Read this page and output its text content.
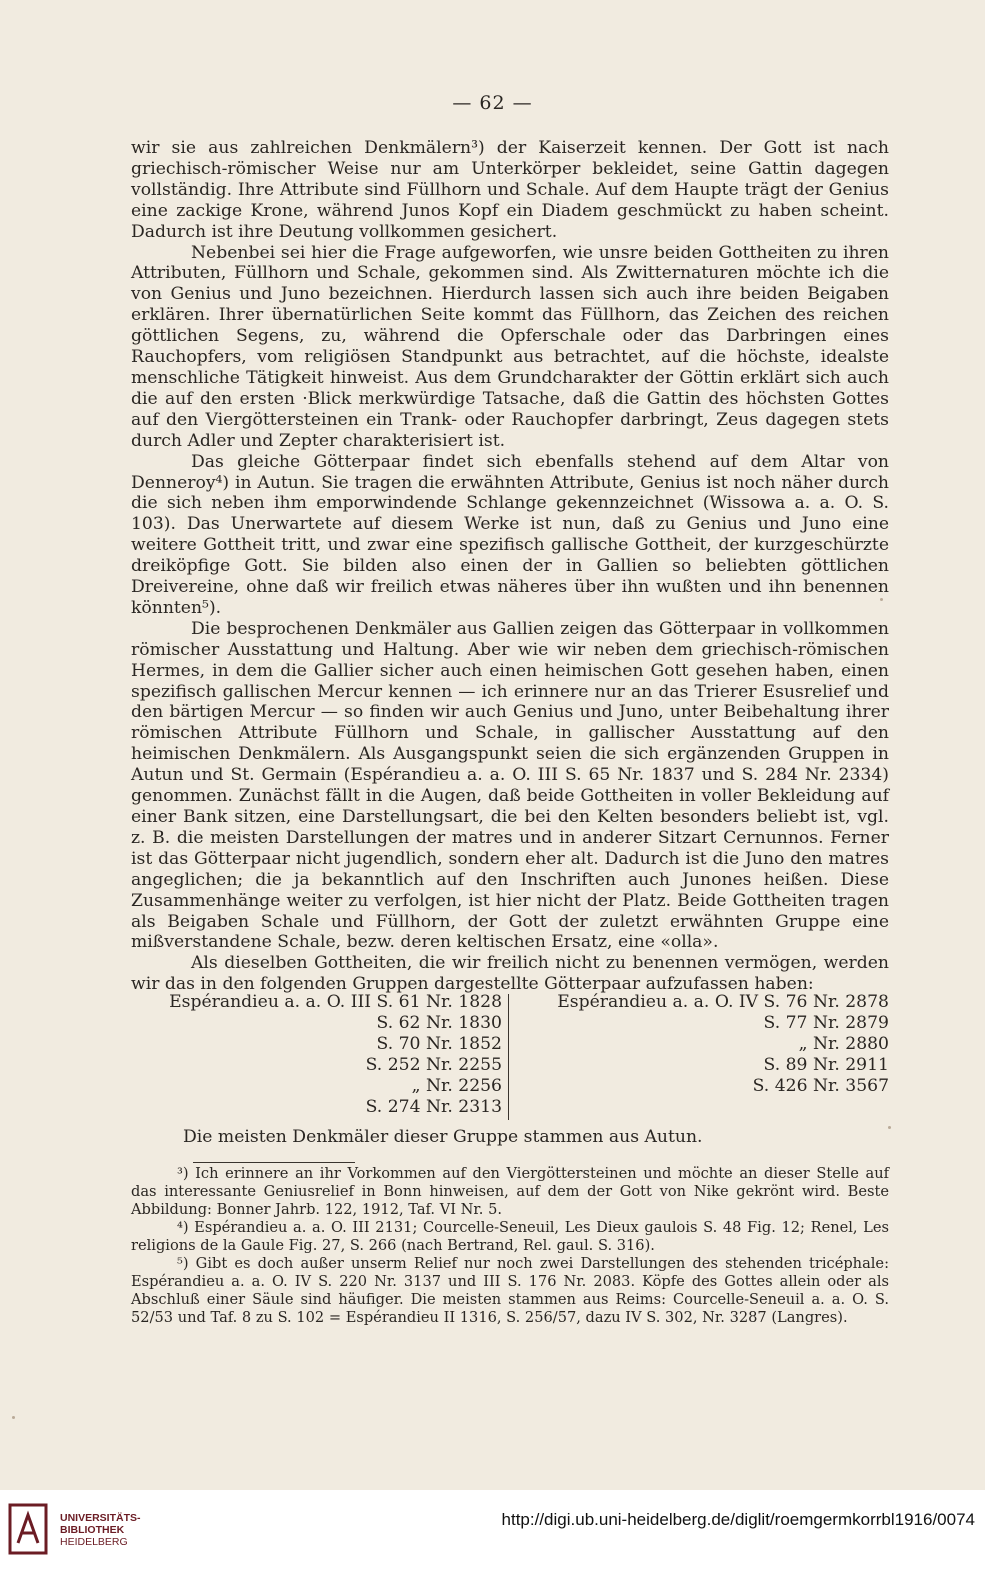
— 62 —

wir sie aus zahlreichen Denkmälern³) der Kaiserzeit kennen. Der Gott ist nach griechisch-römischer Weise nur am Unterkörper bekleidet, seine Gattin dagegen vollständig. Ihre Attribute sind Füllhorn und Schale. Auf dem Haupte trägt der Genius eine zackige Krone, während Junos Kopf ein Diadem geschmückt zu haben scheint. Dadurch ist ihre Deutung vollkommen gesichert.

Nebenbei sei hier die Frage aufgeworfen, wie unsre beiden Gottheiten zu ihren Attributen, Füllhorn und Schale, gekommen sind. Als Zwitternaturen möchte ich die von Genius und Juno bezeichnen. Hierdurch lassen sich auch ihre beiden Beigaben erklären. Ihrer übernatürlichen Seite kommt das Füllhorn, das Zeichen des reichen göttlichen Segens, zu, während die Opferschale oder das Darbringen eines Rauchopfers, vom religiösen Standpunkt aus betrachtet, auf die höchste, idealste menschliche Tätigkeit hinweist. Aus dem Grundcharakter der Göttin erklärt sich auch die auf den ersten ·Blick merkwürdige Tatsache, daß die Gattin des höchsten Gottes auf den Viergöttersteinen ein Trank- oder Rauchopfer darbringt, Zeus dagegen stets durch Adler und Zepter charakterisiert ist.

Das gleiche Götterpaar findet sich ebenfalls stehend auf dem Altar von Denneroy⁴) in Autun. Sie tragen die erwähnten Attribute, Genius ist noch näher durch die sich neben ihm emporwindende Schlange gekennzeichnet (Wissowa a. a. O. S. 103). Das Unerwartete auf diesem Werke ist nun, daß zu Genius und Juno eine weitere Gottheit tritt, und zwar eine spezifisch gallische Gottheit, der kurzgeschürzte dreiköpfige Gott. Sie bilden also einen der in Gallien so beliebten göttlichen Dreivereine, ohne daß wir freilich etwas näheres über ihn wußten und ihn benennen könnten⁵).

Die besprochenen Denkmäler aus Gallien zeigen das Götterpaar in vollkommen römischer Ausstattung und Haltung. Aber wie wir neben dem griechisch-römischen Hermes, in dem die Gallier sicher auch einen heimischen Gott gesehen haben, einen spezifisch gallischen Mercur kennen — ich erinnere nur an das Trierer Esusrelief und den bärtigen Mercur — so finden wir auch Genius und Juno, unter Beibehaltung ihrer römischen Attribute Füllhorn und Schale, in gallischer Ausstattung auf den heimischen Denkmälern. Als Ausgangspunkt seien die sich ergänzenden Gruppen in Autun und St. Germain (Espérandieu a. a. O. III S. 65 Nr. 1837 und S. 284 Nr. 2334) genommen. Zunächst fällt in die Augen, daß beide Gottheiten in voller Bekleidung auf einer Bank sitzen, eine Darstellungsart, die bei den Kelten besonders beliebt ist, vgl. z. B. die meisten Darstellungen der matres und in anderer Sitzart Cernunnos. Ferner ist das Götterpaar nicht jugendlich, sondern eher alt. Dadurch ist die Juno den matres angeglichen; die ja bekanntlich auf den Inschriften auch Junones heißen. Diese Zusammenhänge weiter zu verfolgen, ist hier nicht der Platz. Beide Gottheiten tragen als Beigaben Schale und Füllhorn, der Gott der zuletzt erwähnten Gruppe eine mißverstandene Schale, bezw. deren keltischen Ersatz, eine «olla».

Als dieselben Gottheiten, die wir freilich nicht zu benennen vermögen, werden wir das in den folgenden Gruppen dargestellte Götterpaar aufzufassen haben:

Espérandieu a. a. O. III S. 61 Nr. 1828
S. 62 Nr. 1830
S. 70 Nr. 1852
S. 252 Nr. 2255
„ Nr. 2256
S. 274 Nr. 2313
Espérandieu a. a. O. IV S. 76 Nr. 2878
S. 77 Nr. 2879
„ Nr. 2880
S. 89 Nr. 2911
S. 426 Nr. 3567
Die meisten Denkmäler dieser Gruppe stammen aus Autun.

³) Ich erinnere an ihr Vorkommen auf den Viergöttersteinen und möchte an dieser Stelle auf das interessante Geniusrelief in Bonn hinweisen, auf dem der Gott von Nike gekrönt wird. Beste Abbildung: Bonner Jahrb. 122, 1912, Taf. VI Nr. 5.

⁴) Espérandieu a. a. O. III 2131; Courcelle-Seneuil, Les Dieux gaulois S. 48 Fig. 12; Renel, Les religions de la Gaule Fig. 27, S. 266 (nach Bertrand, Rel. gaul. S. 316).

⁵) Gibt es doch außer unserm Relief nur noch zwei Darstellungen des stehenden tricéphale: Espérandieu a. a. O. IV S. 220 Nr. 3137 und III S. 176 Nr. 2083. Köpfe des Gottes allein oder als Abschluß einer Säule sind häufiger. Die meisten stammen aus Reims: Courcelle-Seneuil a. a. O. S. 52/53 und Taf. 8 zu S. 102 = Espérandieu II 1316, S. 256/57, dazu IV S. 302, Nr. 3287 (Langres).

UNIVERSITÄTS-
BIBLIOTHEK
HEIDELBERG
http://digi.ub.uni-heidelberg.de/diglit/roemgermkorrbl1916/0074
